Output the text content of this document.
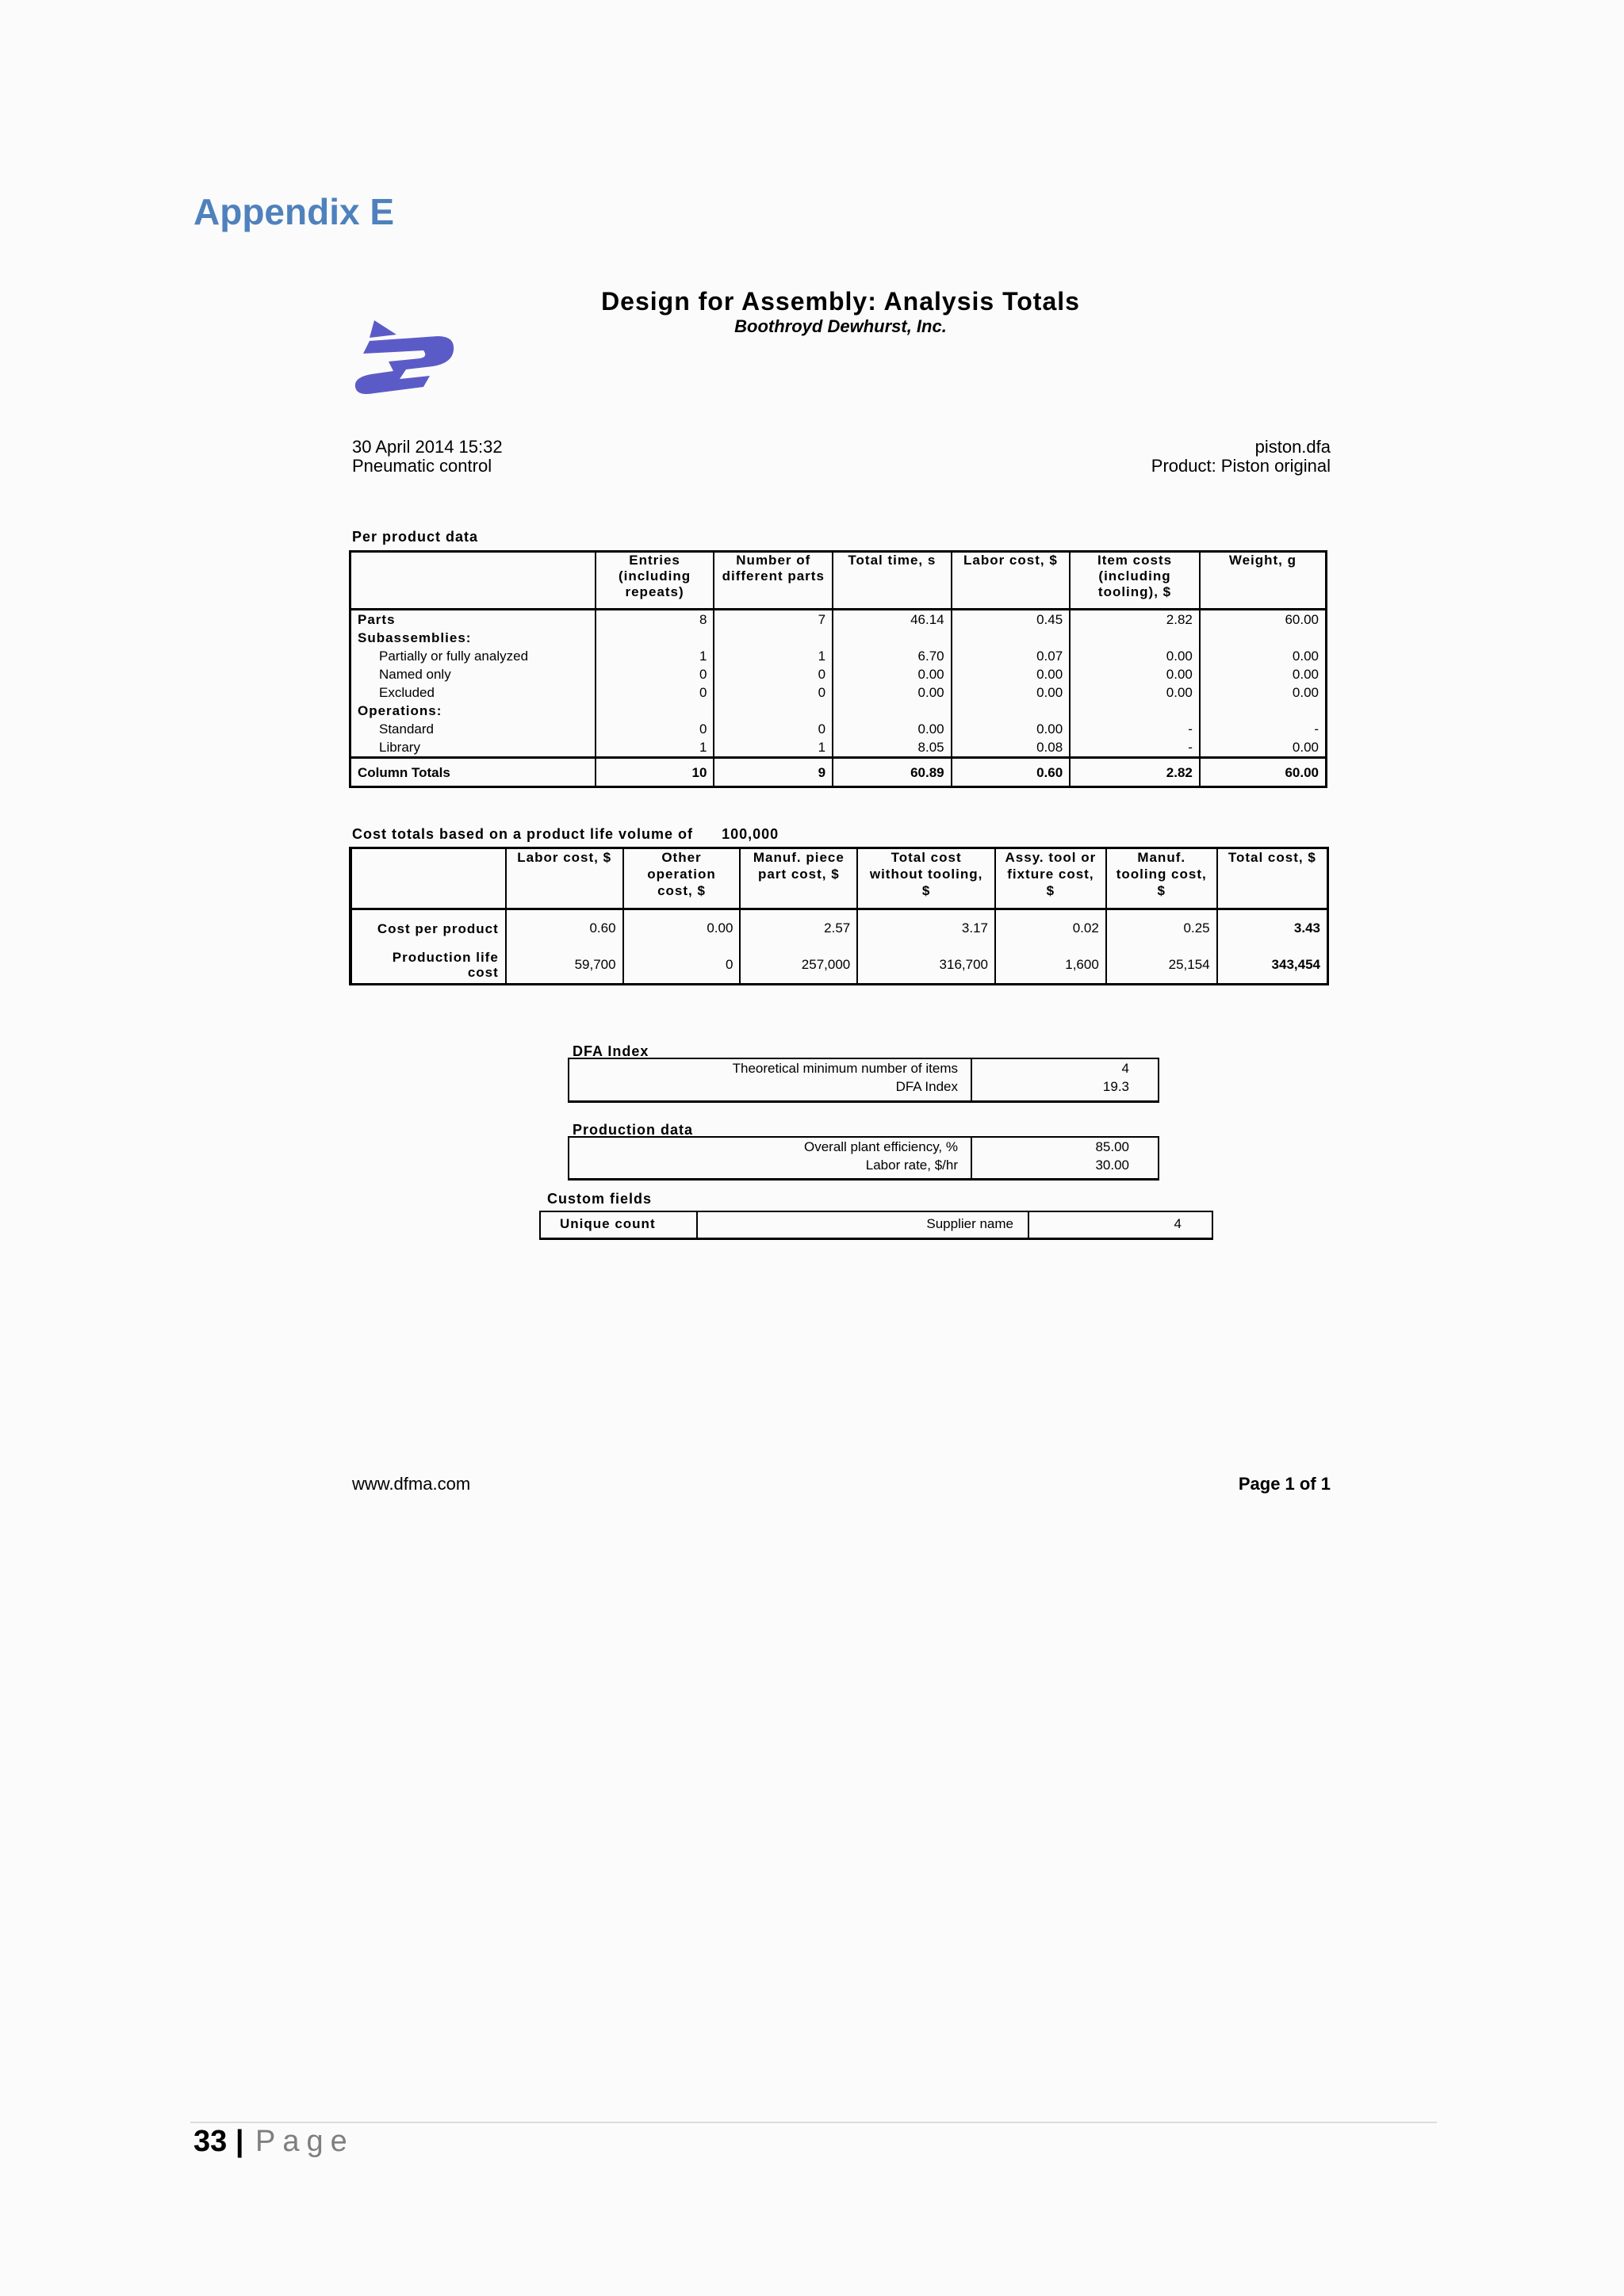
Appendix E
Design for Assembly: Analysis Totals
Boothroyd Dewhurst, Inc.
30 April 2014 15:32
Pneumatic control
piston.dfa
Product: Piston original
Per product data
	Entries (including repeats)	Number of different parts	Total time, s	Labor cost, $	Item costs (including tooling), $	Weight, g
Parts	8	7	46.14	0.45	2.82	60.00
Subassemblies:						
Partially or fully analyzed	1	1	6.70	0.07	0.00	0.00
Named only	0	0	0.00	0.00	0.00	0.00
Excluded	0	0	0.00	0.00	0.00	0.00
Operations:						
Standard	0	0	0.00	0.00	-	-
Library	1	1	8.05	0.08	-	0.00
Column Totals	10	9	60.89	0.60	2.82	60.00
Cost totals based on a product life volume of 100,000
	Labor cost, $	Other operation cost, $	Manuf. piece part cost, $	Total cost without tooling, $	Assy. tool or fixture cost, $	Manuf. tooling cost, $	Total cost, $
Cost per product	0.60	0.00	2.57	3.17	0.02	0.25	3.43
Production life cost	59,700	0	257,000	316,700	1,600	25,154	343,454
DFA Index
Theoretical minimum number of items	4
DFA Index	19.3
Production data
Overall plant efficiency, %	85.00
Labor rate, $/hr	30.00
Custom fields
Unique count	Supplier name	4
www.dfma.com	Page 1 of 1
33 | Page
